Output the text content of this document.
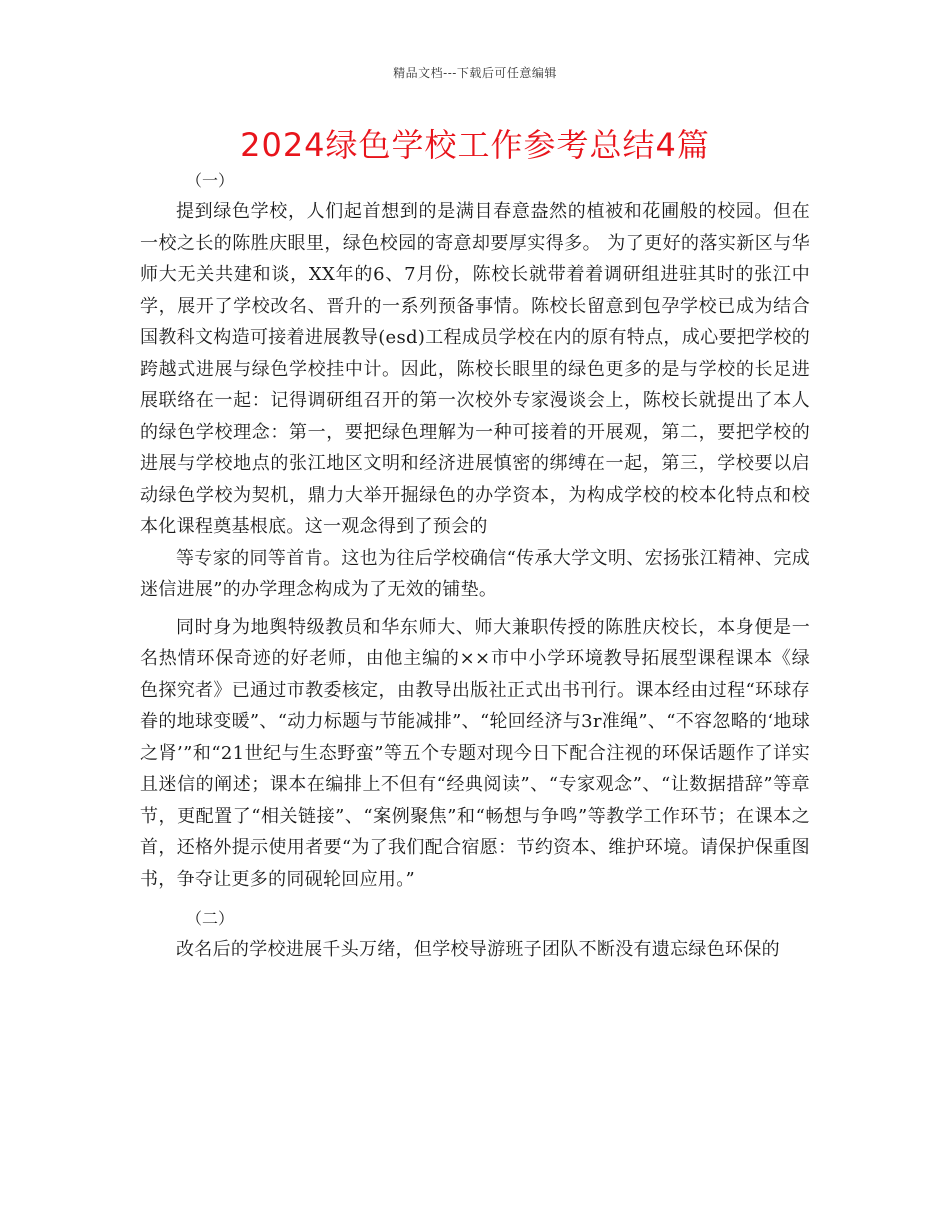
精品文档---下载后可任意编辑
2024绿色学校工作参考总结4篇

（一）

提到绿色学校，人们起首想到的是满目春意盎然的植被和花圃般的校园。但在一校之长的陈胜庆眼里，绿色校园的寄意却要厚实得多。 为了更好的落实新区与华师大无关共建和谈，XX年的6、7月份，陈校长就带着着调研组进驻其时的张江中学，展开了学校改名、晋升的一系列预备事情。陈校长留意到包孕学校已成为结合国教科文构造可接着进展教导(esd)工程成员学校在内的原有特点，成心要把学校的跨越式进展与绿色学校挂中计。因此，陈校长眼里的绿色更多的是与学校的长足进展联络在一起：记得调研组召开的第一次校外专家漫谈会上，陈校长就提出了本人的绿色学校理念：第一，要把绿色理解为一种可接着的开展观，第二，要把学校的进展与学校地点的张江地区文明和经济进展慎密的绑缚在一起，第三，学校要以启动绿色学校为契机，鼎力大举开掘绿色的办学资本，为构成学校的校本化特点和校本化课程奠基根底。这一观念得到了预会的

等专家的同等首肯。这也为往后学校确信“传承大学文明、宏扬张江精神、完成迷信进展”的办学理念构成为了无效的铺垫。

同时身为地舆特级教员和华东师大、师大兼职传授的陈胜庆校长，本身便是一名热情环保奇迹的好老师，由他主编的××市中小学环境教导拓展型课程课本《绿色探究者》已通过市教委核定，由教导出版社正式出书刊行。课本经由过程“环球存眷的地球变暖”、“动力标题与节能减排”、“轮回经济与3r准绳”、“不容忽略的‘地球之肾’”和“21世纪与生态野蛮”等五个专题对现今日下配合注视的环保话题作了详实且迷信的阐述；课本在编排上不但有“经典阅读”、“专家观念”、“让数据措辞”等章节，更配置了“相关链接”、“案例聚焦”和“畅想与争鸣”等教学工作环节；在课本之首，还格外提示使用者要“为了我们配合宿愿：节约资本、维护环境。请保护保重图书，争夺让更多的同砚轮回应用。”

（二）

改名后的学校进展千头万绪，但学校导游班子团队不断没有遗忘绿色环保的
